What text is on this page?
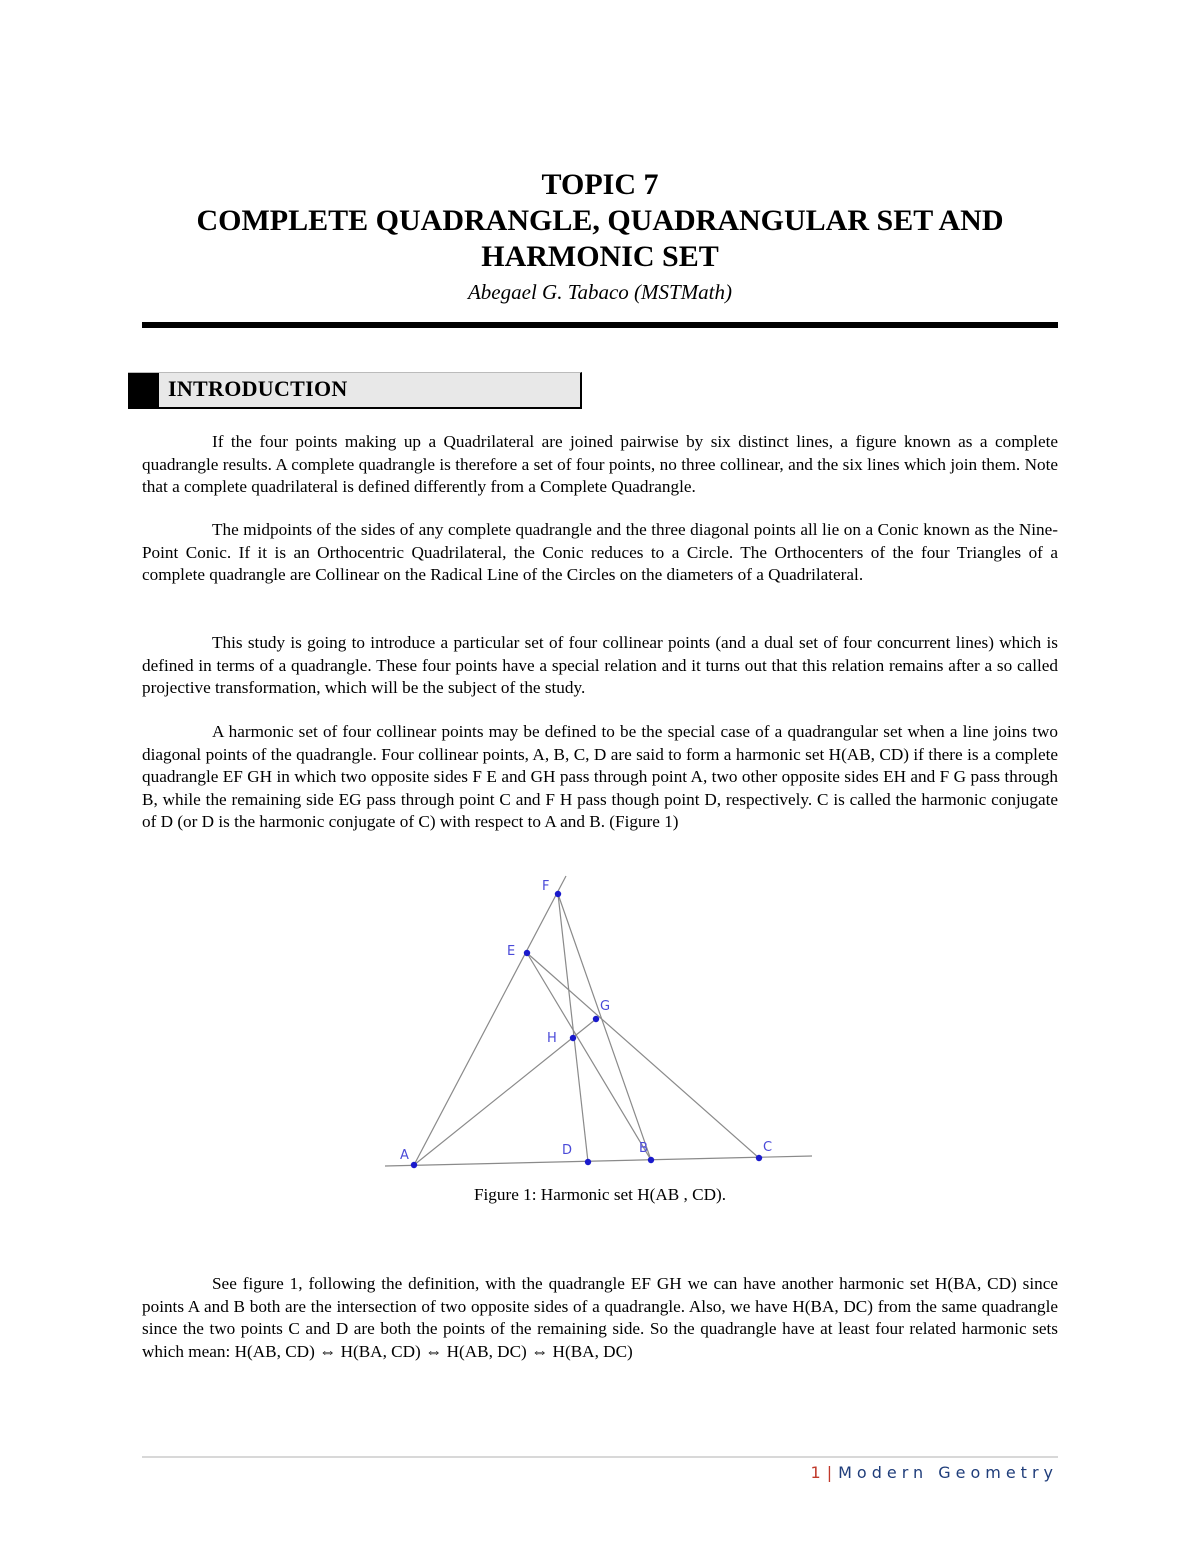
TOPIC 7
COMPLETE QUADRANGLE, QUADRANGULAR SET AND
HARMONIC SET
Abegael G. Tabaco (MSTMath)
INTRODUCTION

If the four points making up a Quadrilateral are joined pairwise by six distinct lines, a figure known as a complete quadrangle results. A complete quadrangle is therefore a set of four points, no three collinear, and the six lines which join them. Note that a complete quadrilateral is defined differently from a Complete Quadrangle.

The midpoints of the sides of any complete quadrangle and the three diagonal points all lie on a Conic known as the Nine-Point Conic. If it is an Orthocentric Quadrilateral, the Conic reduces to a Circle. The Orthocenters of the four Triangles of a complete quadrangle are Collinear on the Radical Line of the Circles on the diameters of a Quadrilateral.

This study is going to introduce a particular set of four collinear points (and a dual set of four concurrent lines) which is defined in terms of a quadrangle. These four points have a special relation and it turns out that this relation remains after a so called projective transformation, which will be the subject of the study.

A harmonic set of four collinear points may be defined to be the special case of a quadrangular set when a line joins two diagonal points of the quadrangle. Four collinear points, A, B, C, D are said to form a harmonic set H(AB, CD) if there is a complete quadrangle EF GH in which two opposite sides F E and GH pass through point A, two other opposite sides EH and F G pass through B, while the remaining side EG pass through point C and F H pass though point D, respectively. C is called the harmonic conjugate of D (or D is the harmonic conjugate of C) with respect to A and B. (Figure 1)

A	B	C
D
E
F
G
H
Figure 1: Harmonic set H(AB , CD).

See figure 1, following the definition, with the quadrangle EF GH we can have another harmonic set H(BA, CD) since points A and B both are the intersection of two opposite sides of a quadrangle. Also, we have H(BA, DC) from the same quadrangle since the two points C and D are both the points of the remaining side. So the quadrangle have at least four related harmonic sets which mean: H(AB, CD) ⇔ H(BA, CD) ⇔ H(AB, DC) ⇔ H(BA, DC)

1 | Modern Geometry
